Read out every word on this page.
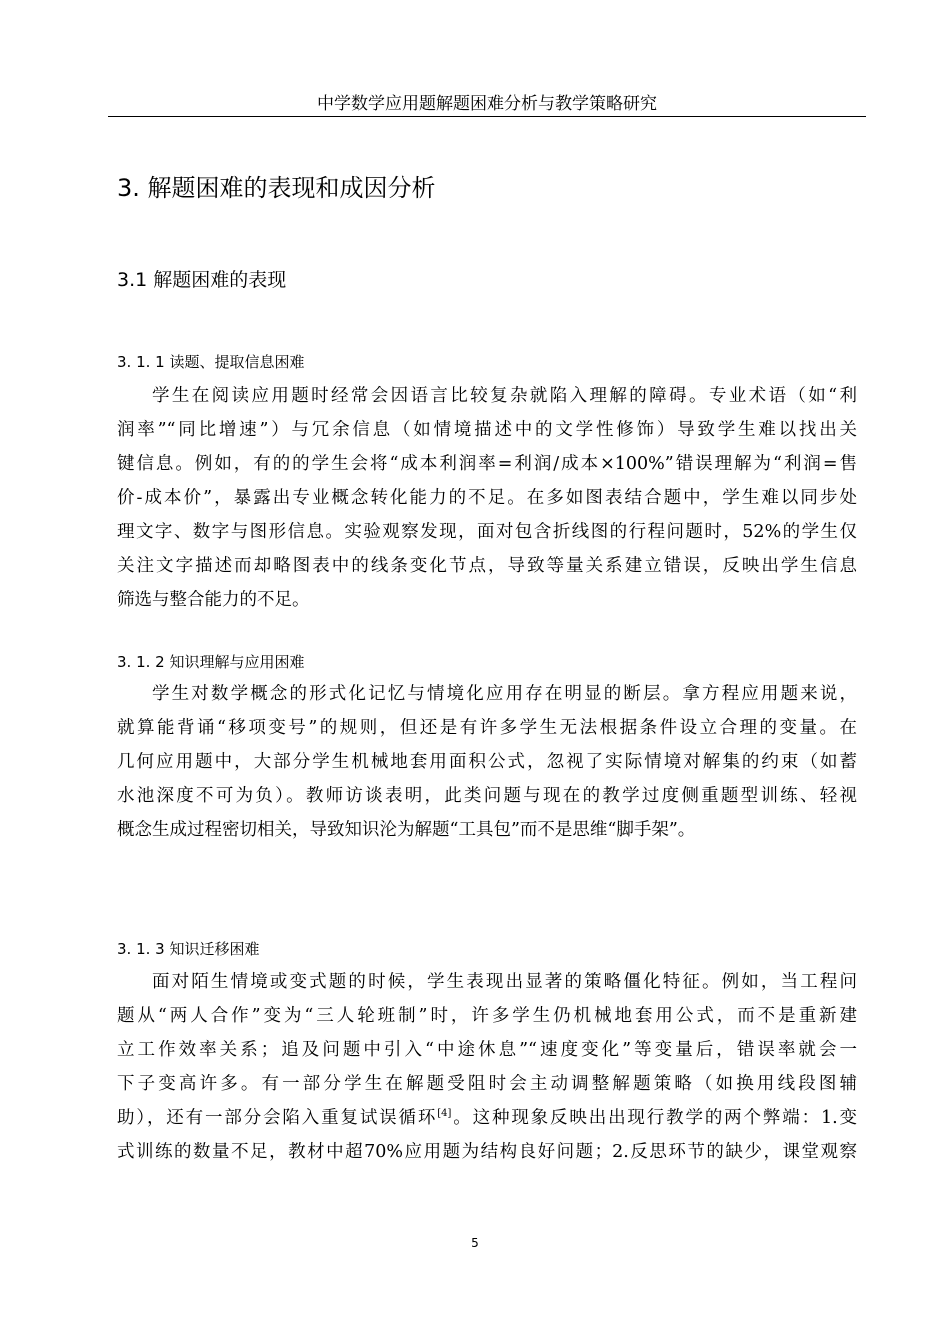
中学数学应用题解题困难分析与教学策略研究
3. 解题困难的表现和成因分析
3.1 解题困难的表现
3. 1. 1 读题、提取信息困难
学生在阅读应用题时经常会因语言比较复杂就陷入理解的障碍。专业术语（如“利
润率”“同比增速”）与冗余信息（如情境描述中的文学性修饰）导致学生难以找出关
键信息。例如，有的的学生会将“成本利润率=利润/成本×100%”错误理解为“利润=售
价-成本价”，暴露出专业概念转化能力的不足。在多如图表结合题中，学生难以同步处
理文字、数字与图形信息。实验观察发现，面对包含折线图的行程问题时，52%的学生仅
关注文字描述而却略图表中的线条变化节点，导致等量关系建立错误，反映出学生信息
筛选与整合能力的不足。
3. 1. 2 知识理解与应用困难
学生对数学概念的形式化记忆与情境化应用存在明显的断层。拿方程应用题来说，
就算能背诵“移项变号”的规则，但还是有许多学生无法根据条件设立合理的变量。在
几何应用题中，大部分学生机械地套用面积公式，忽视了实际情境对解集的约束（如蓄
水池深度不可为负）。教师访谈表明，此类问题与现在的教学过度侧重题型训练、轻视
概念生成过程密切相关，导致知识沦为解题“工具包”而不是思维“脚手架”。
3. 1. 3 知识迁移困难
面对陌生情境或变式题的时候，学生表现出显著的策略僵化特征。例如，当工程问
题从“两人合作”变为“三人轮班制”时，许多学生仍机械地套用公式，而不是重新建
立工作效率关系；追及问题中引入“中途休息”“速度变化”等变量后，错误率就会一
下子变高许多。有一部分学生在解题受阻时会主动调整解题策略（如换用线段图辅
助），还有一部分会陷入重复试误循环[4]。这种现象反映出出现行教学的两个弊端：1.变
式训练的数量不足，教材中超70%应用题为结构良好问题；2.反思环节的缺少，课堂观察
5
